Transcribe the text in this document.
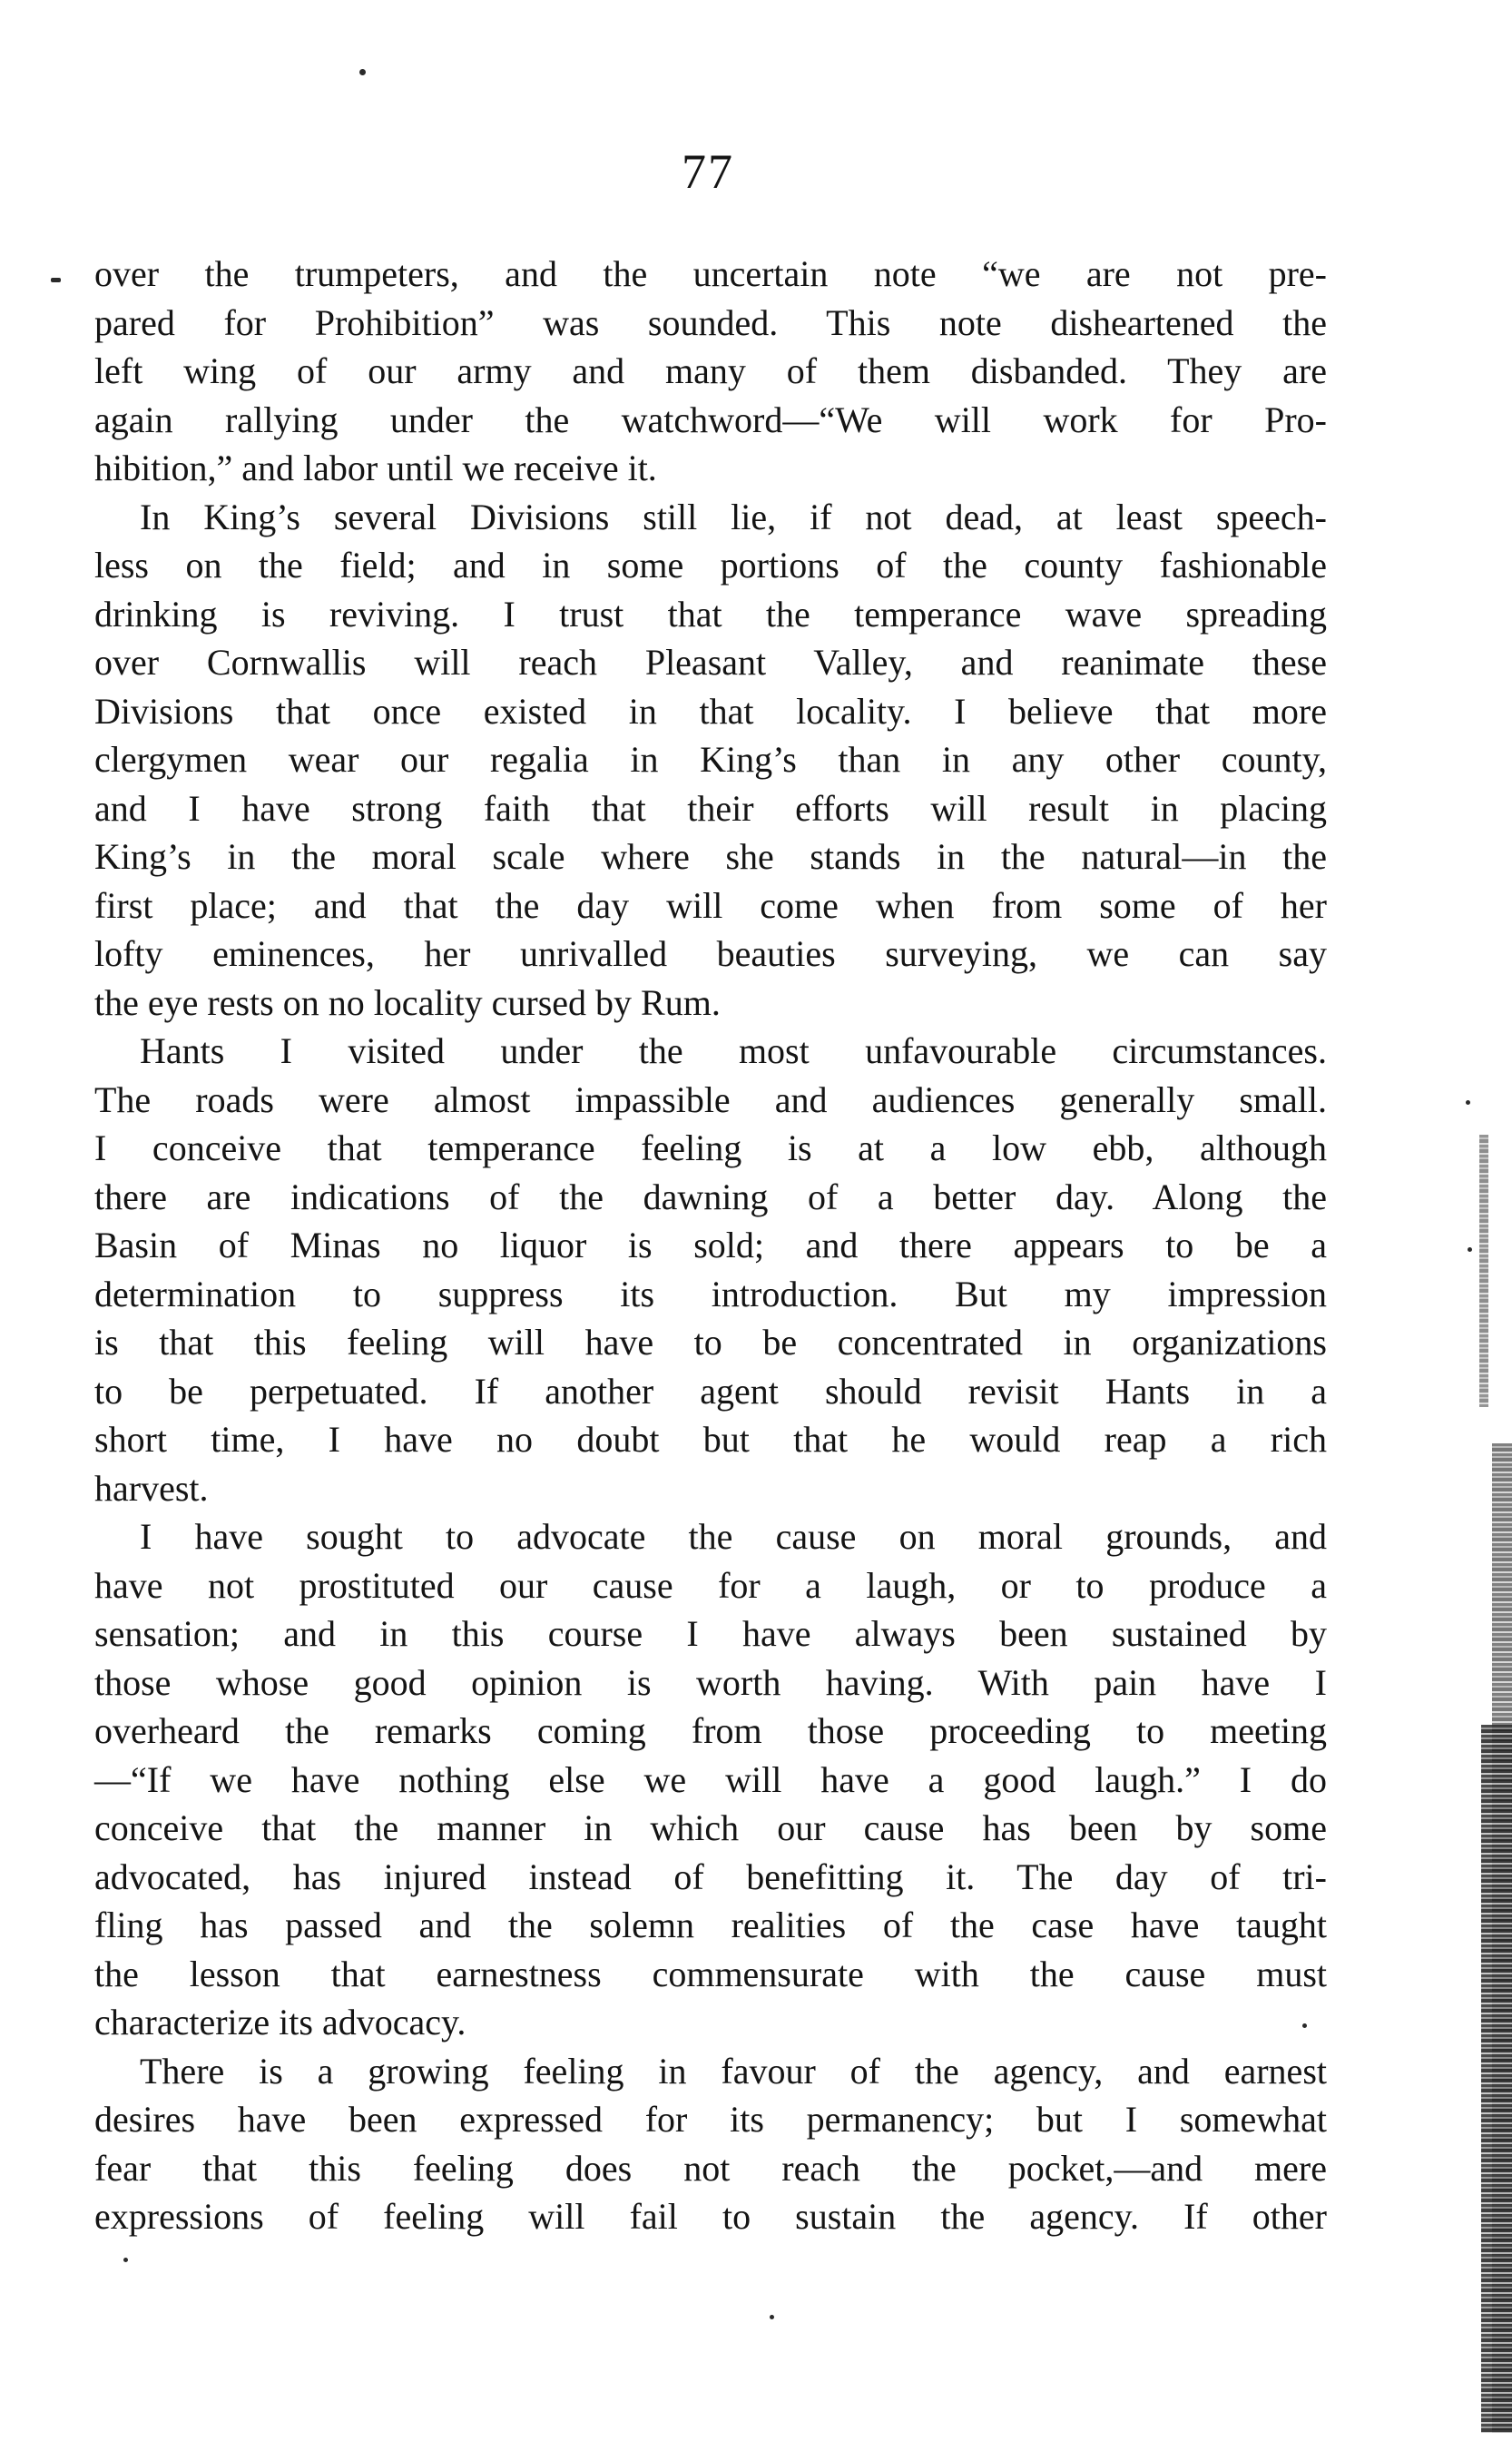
77
over the trumpeters, and the uncertain note “we are not pre-
pared for Prohibition” was sounded. This note disheartened the
left wing of our army and many of them disbanded. They are
again rallying under the watchword—“We will work for Pro-
hibition,” and labor until we receive it.
In King’s several Divisions still lie, if not dead, at least speech-
less on the field; and in some portions of the county fashionable
drinking is reviving. I trust that the temperance wave spreading
over Cornwallis will reach Pleasant Valley, and reanimate these
Divisions that once existed in that locality. I believe that more
clergymen wear our regalia in King’s than in any other county,
and I have strong faith that their efforts will result in placing
King’s in the moral scale where she stands in the natural—in the
first place; and that the day will come when from some of her
lofty eminences, her unrivalled beauties surveying, we can say
the eye rests on no locality cursed by Rum.
Hants I visited under the most unfavourable circumstances.
The roads were almost impassible and audiences generally small.
I conceive that temperance feeling is at a low ebb, although
there are indications of the dawning of a better day. Along the
Basin of Minas no liquor is sold; and there appears to be a
determination to suppress its introduction. But my impression
is that this feeling will have to be concentrated in organizations
to be perpetuated. If another agent should revisit Hants in a
short time, I have no doubt but that he would reap a rich
harvest.
I have sought to advocate the cause on moral grounds, and
have not prostituted our cause for a laugh, or to produce a
sensation; and in this course I have always been sustained by
those whose good opinion is worth having. With pain have I
overheard the remarks coming from those proceeding to meeting
—“If we have nothing else we will have a good laugh.” I do
conceive that the manner in which our cause has been by some
advocated, has injured instead of benefitting it. The day of tri-
fling has passed and the solemn realities of the case have taught
the lesson that earnestness commensurate with the cause must
characterize its advocacy.
There is a growing feeling in favour of the agency, and earnest
desires have been expressed for its permanency; but I somewhat
fear that this feeling does not reach the pocket,—and mere
expressions of feeling will fail to sustain the agency. If other
